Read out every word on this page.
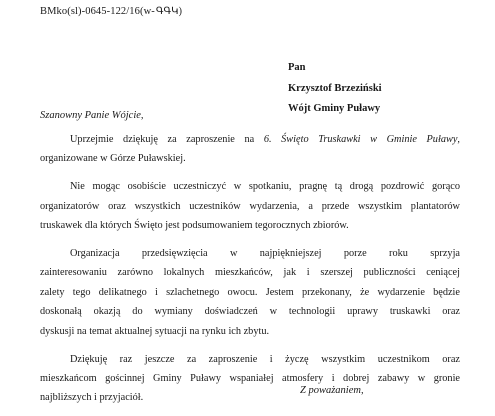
BMko(sl)-0645-122/16(w-ԳԳԿ)
Pan
Krzysztof Brzeziński
Wójt Gminy Puławy
Szanowny Panie Wójcie,
Uprzejmie dziękuję za zaproszenie na 6. Święto Truskawki w Gminie Puławy,
organizowane w Górze Puławskiej.
Nie mogąc osobiście uczestniczyć w spotkaniu, pragnę tą drogą pozdrowić gorąco
organizatorów oraz wszystkich uczestników wydarzenia, a przede wszystkim plantatorów
truskawek dla których Święto jest podsumowaniem tegorocznych zbiorów.
Organizacja przedsięwzięcia w najpiękniejszej porze roku sprzyja
zainteresowaniu zarówno lokalnych mieszkańców, jak i szerszej publiczności ceniącej
zalety tego delikatnego i szlachetnego owocu. Jestem przekonany, że wydarzenie będzie
doskonałą okazją do wymiany doświadczeń w technologii uprawy truskawki oraz
dyskusji na temat aktualnej sytuacji na rynku ich zbytu.
Dziękuję raz jeszcze za zaproszenie i życzę wszystkim uczestnikom oraz
mieszkańcom gościnnej Gminy Puławy wspaniałej atmosfery i dobrej zabawy w gronie
najbliższych i przyjaciół.
Z poważaniem,
